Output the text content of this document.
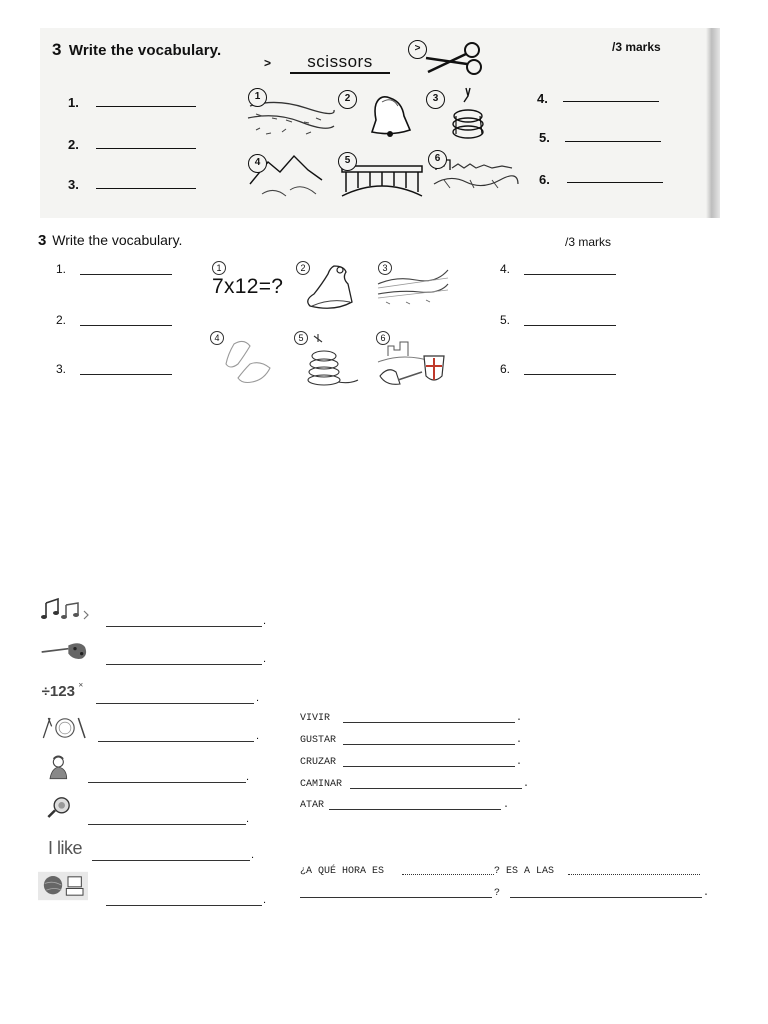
3 Write the vocabulary.	/3 marks
>	scissors
>
1.
2.
3.
4.
5.
6.
1	2	3
4	5	6
3 Write the vocabulary.	/3 marks
1.
2.
3.
4.
5.
6.
1
7x12=?
2	3
4	5	6
.
.
÷123 ×
.
.
.
.
I like	.
.
VIVIR	.
GUSTAR	.
CRUZAR	.
CAMINAR	.
ATAR	.
¿A QUÉ HORA ES	? ES A LAS
?	.
